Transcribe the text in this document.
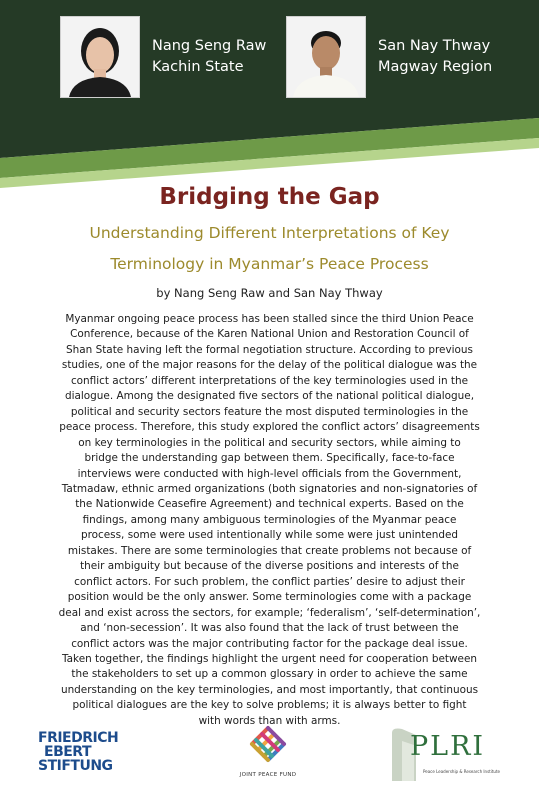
Nang Seng Raw
Kachin State
San Nay Thway
Magway Region
Bridging the Gap
Understanding Different Interpretations of Key
Terminology in Myanmar’s Peace Process
by Nang Seng Raw and San Nay Thway
Myanmar ongoing peace process has been stalled since the third Union Peace
Conference, because of the Karen National Union and Restoration Council of
Shan State having left the formal negotiation structure. According to previous
studies, one of the major reasons for the delay of the political dialogue was the
conflict actors’ different interpretations of the key terminologies used in the
dialogue. Among the designated five sectors of the national political dialogue,
political and security sectors feature the most disputed terminologies in the
peace process. Therefore, this study explored the conflict actors’ disagreements
on key terminologies in the political and security sectors, while aiming to
bridge the understanding gap between them. Specifically, face-to-face
interviews were conducted with high-level officials from the Government,
Tatmadaw, ethnic armed organizations (both signatories and non-signatories of
the Nationwide Ceasefire Agreement) and technical experts. Based on the
findings, among many ambiguous terminologies of the Myanmar peace
process, some were used intentionally while some were just unintended
mistakes. There are some terminologies that create problems not because of
their ambiguity but because of the diverse positions and interests of the
conflict actors. For such problem, the conflict parties’ desire to adjust their
position would be the only answer. Some terminologies come with a package
deal and exist across the sectors, for example; ‘federalism’, ‘self-determination’,
and ‘non-secession’. It was also found that the lack of trust between the
conflict actors was the major contributing factor for the package deal issue.
Taken together, the findings highlight the urgent need for cooperation between
the stakeholders to set up a common glossary in order to achieve the same
understanding on the key terminologies, and most importantly, that continuous
political dialogues are the key to solve problems; it is always better to fight
with words than with arms.
FRIEDRICH
EBERT
STIFTUNG
JOINT PEACE FUND
PLRI
Peace Leadership & Research Institute
